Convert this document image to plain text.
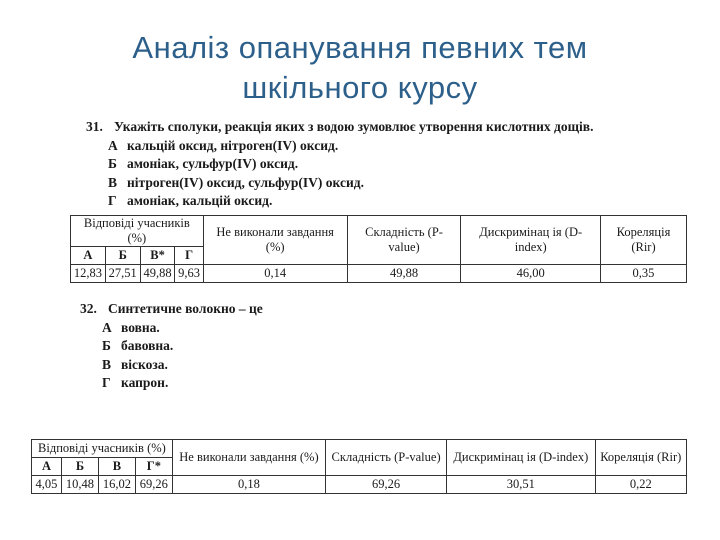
Аналіз опанування певних тем
шкільного курсу
31. Укажіть сполуки, реакція яких з водою зумовлює утворення кислотних дощів.
А кальцій оксид, нітроген(IV) оксид.
Б амоніак, сульфур(IV) оксид.
В нітроген(IV) оксид, сульфур(IV) оксид.
Г амоніак, кальцій оксид.
Відповіді учасників (%)				Не виконали завдання (%)	Складність (P-value)	Дискримінац ія (D-index)	Кореляція (Rir)
А	Б	В*	Г				
12,83	27,51	49,88	9,63	0,14	49,88	46,00	0,35
32. Синтетичне волокно – це
А вовна.
Б бавовна.
В віскоза.
Г капрон.
Відповіді учасників (%)				Не виконали завдання (%)	Складність (P-value)	Дискримінац ія (D-index)	Кореляція (Rir)
А	Б	В	Г*				
4,05	10,48	16,02	69,26	0,18	69,26	30,51	0,22
